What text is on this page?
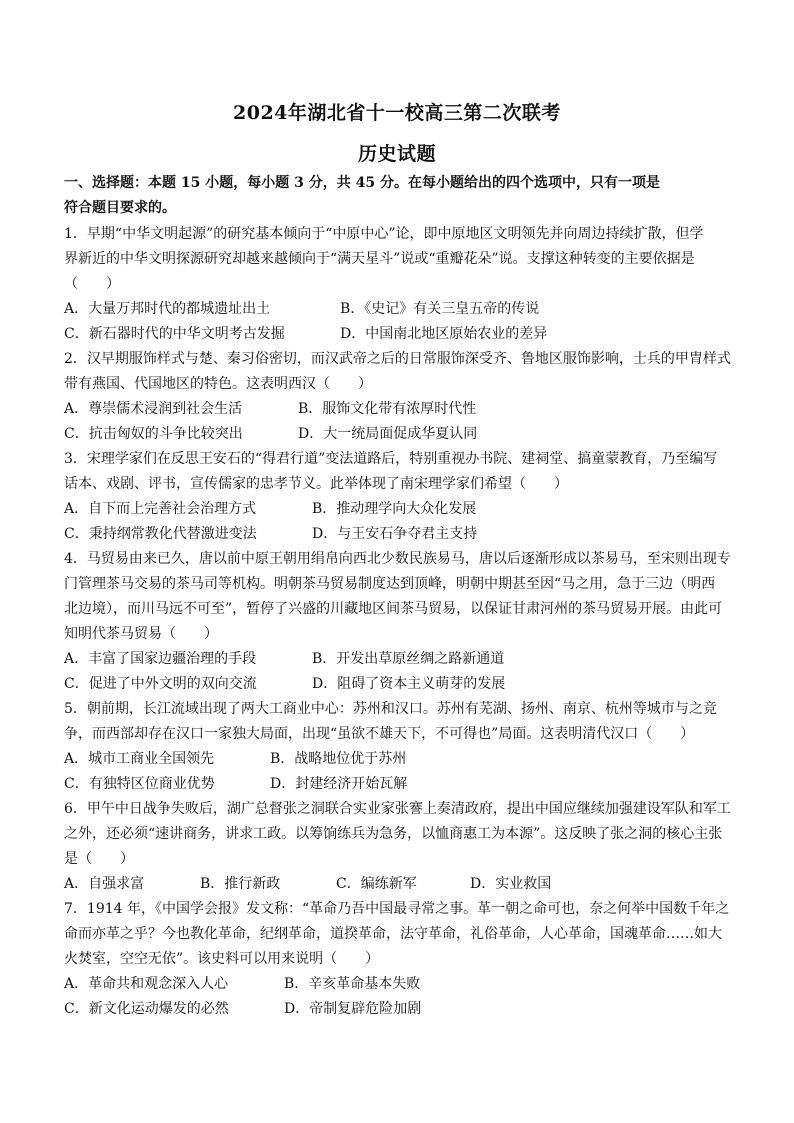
2024年湖北省十一校高三第二次联考
历史试题
一、选择题：本题 15 小题，每小题 3 分，共 45 分。在每小题给出的四个选项中，只有一项是
符合题目要求的。
1．早期“中华文明起源”的研究基本倾向于“中原中心”论，即中原地区文明领先并向周边持续扩散，但学
界新近的中华文明探源研究却越来越倾向于“满天星斗”说或“重瓣花朵”说。支撑这种转变的主要依据是
（　　）
A．大量万邦时代的都城遗址出土	B．《史记》有关三皇五帝的传说
C．新石器时代的中华文明考古发掘	D．中国南北地区原始农业的差异
2．汉早期服饰样式与楚、秦习俗密切，而汉武帝之后的日常服饰深受齐、鲁地区服饰影响，士兵的甲胄样式
带有燕国、代国地区的特色。这表明西汉（　　）
A．尊崇儒术浸润到社会生活	B．服饰文化带有浓厚时代性
C．抗击匈奴的斗争比较突出	D．大一统局面促成华夏认同
3．宋理学家们在反思王安石的“得君行道”变法道路后，特别重视办书院、建祠堂、搞童蒙教育，乃至编写
话本、戏剧、评书，宣传儒家的忠孝节义。此举体现了南宋理学家们希望（　　）
A．自下而上完善社会治理方式	B．推动理学向大众化发展
C．秉持纲常教化代替激进变法	D．与王安石争夺君主支持
4．马贸易由来已久，唐以前中原王朝用绢帛向西北少数民族易马，唐以后逐渐形成以茶易马，至宋则出现专
门管理茶马交易的茶马司等机构。明朝茶马贸易制度达到顶峰，明朝中期甚至因“马之用，急于三边（明西
北边境），而川马远不可至”，暂停了兴盛的川藏地区间茶马贸易，以保证甘肃河州的茶马贸易开展。由此可
知明代茶马贸易（　　）
A．丰富了国家边疆治理的手段	B．开发出草原丝绸之路新通道
C．促进了中外文明的双向交流	D．阻碍了资本主义萌芽的发展
5．朝前期，长江流域出现了两大工商业中心：苏州和汉口。苏州有芜湖、扬州、南京、杭州等城市与之竞
争，而西部却存在汉口一家独大局面，出现“虽欲不雄天下，不可得也”局面。这表明清代汉口（　　）
A．城市工商业全国领先	B．战略地位优于苏州
C．有独特区位商业优势	D．封建经济开始瓦解
6．甲午中日战争失败后，湖广总督张之洞联合实业家张謇上奏清政府，提出中国应继续加强建设军队和军工
之外，还必须“速讲商务，讲求工政。以筹饷练兵为急务，以恤商惠工为本源”。这反映了张之洞的核心主张
是（　　）
A．自强求富	B．推行新政	C．编练新军	D．实业救国
7．1914 年，《中国学会报》发文称：“革命乃吾中国最寻常之事。革一朝之命可也，奈之何举中国数千年之
命而亦革之乎？今也教化革命，纪纲革命，道揆革命，法守革命，礼俗革命，人心革命，国魂革命……如大
火焚室，空空无依”。该史料可以用来说明（　　）
A．革命共和观念深入人心	B．辛亥革命基本失败
C．新文化运动爆发的必然	D．帝制复辟危险加剧
